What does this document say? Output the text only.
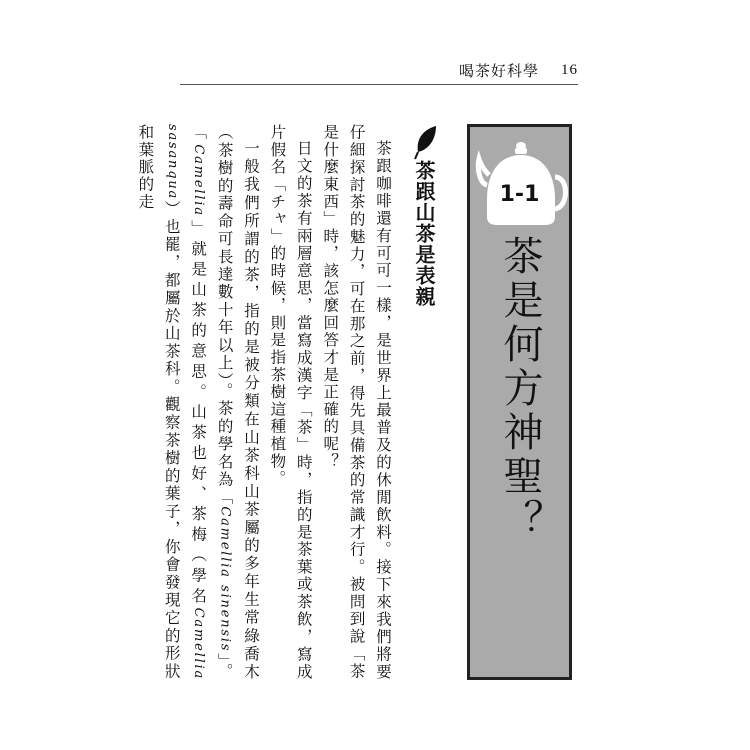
喝茶好科學 16
1-1
茶是何方神聖？
茶跟山茶是表親

茶跟咖啡還有可可一樣，是世界上最普及的休閒飲料。接下來我們將要仔細探討茶的魅力，可在那之前，得先具備茶的常識才行。被問到說「茶是什麼東西」時，該怎麼回答才是正確的呢？

日文的茶有兩層意思，當寫成漢字「茶」時，指的是茶葉或茶飲，寫成片假名「チャ」的時候，則是指茶樹這種植物。

一般我們所謂的茶，指的是被分類在山茶科山茶屬的多年生常綠喬木（茶樹的壽命可長達數十年以上）。茶的學名為「Camellia sinensis」。「Camellia」就是山茶的意思。山茶也好、茶梅（學名Camellia sasanqua）也罷，都屬於山茶科。觀察茶樹的葉子，你會發現它的形狀和葉脈的走
